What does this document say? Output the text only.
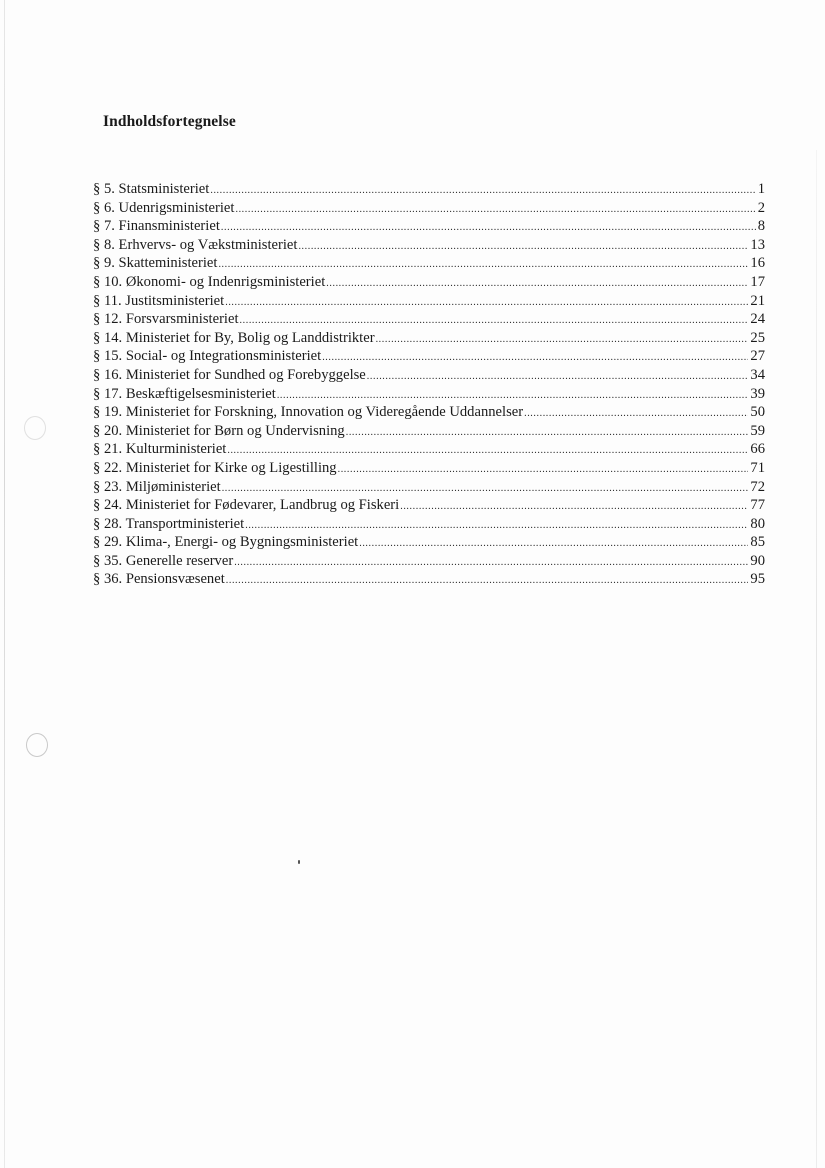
Indholdsfortegnelse
§ 5. Statsministeriet .....	1
§ 6. Udenrigsministeriet .....	2
§ 7. Finansministeriet .....	8
§ 8. Erhvervs- og Vækstministeriet .....	13
§ 9. Skatteministeriet .....	16
§ 10. Økonomi- og Indenrigsministeriet .....	17
§ 11. Justitsministeriet .....	21
§ 12. Forsvarsministeriet .....	24
§ 14. Ministeriet for By, Bolig og Landdistrikter .....	25
§ 15. Social- og Integrationsministeriet .....	27
§ 16. Ministeriet for Sundhed og Forebyggelse .....	34
§ 17. Beskæftigelsesministeriet .....	39
§ 19. Ministeriet for Forskning, Innovation og Videregående Uddannelser .....	50
§ 20. Ministeriet for Børn og Undervisning .....	59
§ 21. Kulturministeriet .....	66
§ 22. Ministeriet for Kirke og Ligestilling .....	71
§ 23. Miljøministeriet .....	72
§ 24. Ministeriet for Fødevarer, Landbrug og Fiskeri .....	77
§ 28. Transportministeriet .....	80
§ 29. Klima-, Energi- og Bygningsministeriet .....	85
§ 35. Generelle reserver .....	90
§ 36. Pensionsvæsenet .....	95
